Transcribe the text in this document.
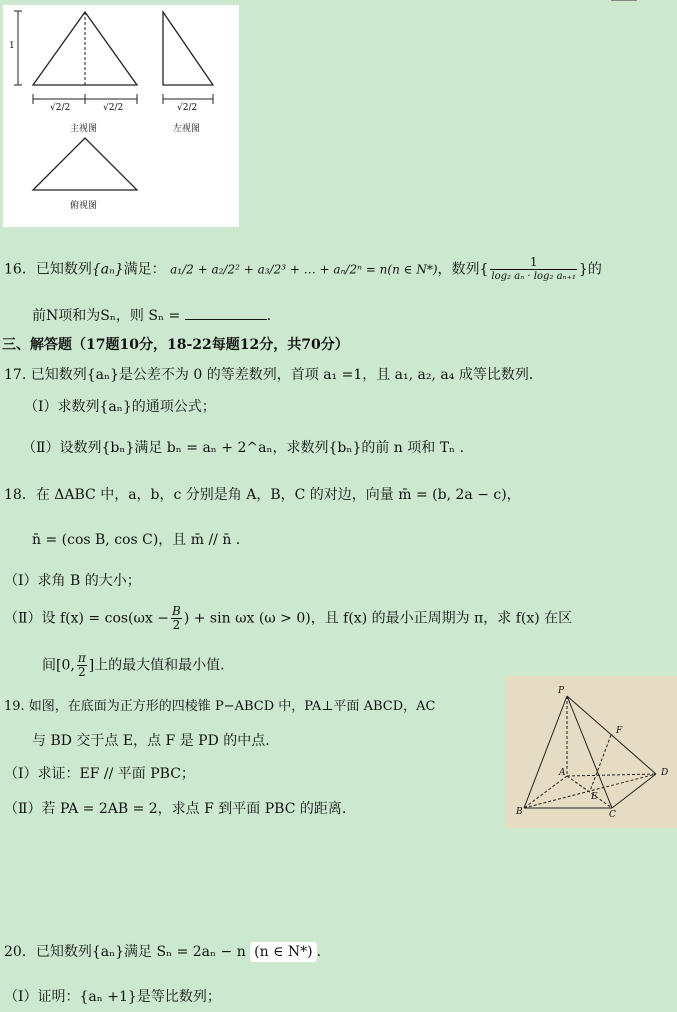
1
√2/2	√2/2	√2/2
主视图	左视图
俯视图
16．已知数列{aₙ}满足： a₁/2 + a₂/2² + a₃/2³ + … + aₙ/2ⁿ = n(n ∈ N*)，数列{ $\frac{1}{\text{log₂ aₙ · log₂ aₙ₊₁}}$ }的
前N项和为Sₙ，则 Sₙ =	.
三、解答题（17题10分，18-22每题12分，共70分）
17. 已知数列{aₙ}是公差不为 0 的等差数列，首项 a₁ =1，且 a₁, a₂, a₄ 成等比数列．
（Ⅰ）求数列{aₙ}的通项公式；
（Ⅱ）设数列{bₙ}满足 bₙ = aₙ + 2^aₙ，求数列{bₙ}的前 n 项和 Tₙ .
18．在 ΔABC 中，a，b，c 分别是角 A，B，C 的对边，向量 m̄ = (b, 2a − c)，
n̄ = (cos B, cos C)，且 m̄ // n̄ .
（Ⅰ）求角 B 的大小；
（Ⅱ）设 $f(x) = \cos(\omega x - \frac{B}{2}$ ) + sin ωx (ω > 0)，且 f(x) 的最小正周期为 π，求 f(x) 在区
间[0, $\frac{\pi}{2}$ ]上的最大值和最小值.
19. 如图，在底面为正方形的四棱锥 P−ABCD 中，PA⊥平面 ABCD，AC
与 BD 交于点 E，点 F 是 PD 的中点.
（Ⅰ）求证：EF // 平面 PBC；
（Ⅱ）若 PA = 2AB = 2，求点 F 到平面 PBC 的距离.
P
F
A	D
E
B	C
20．已知数列{aₙ}满足 Sₙ = 2aₙ − n (n ∈ N*) .
（Ⅰ）证明：{aₙ +1}是等比数列；
